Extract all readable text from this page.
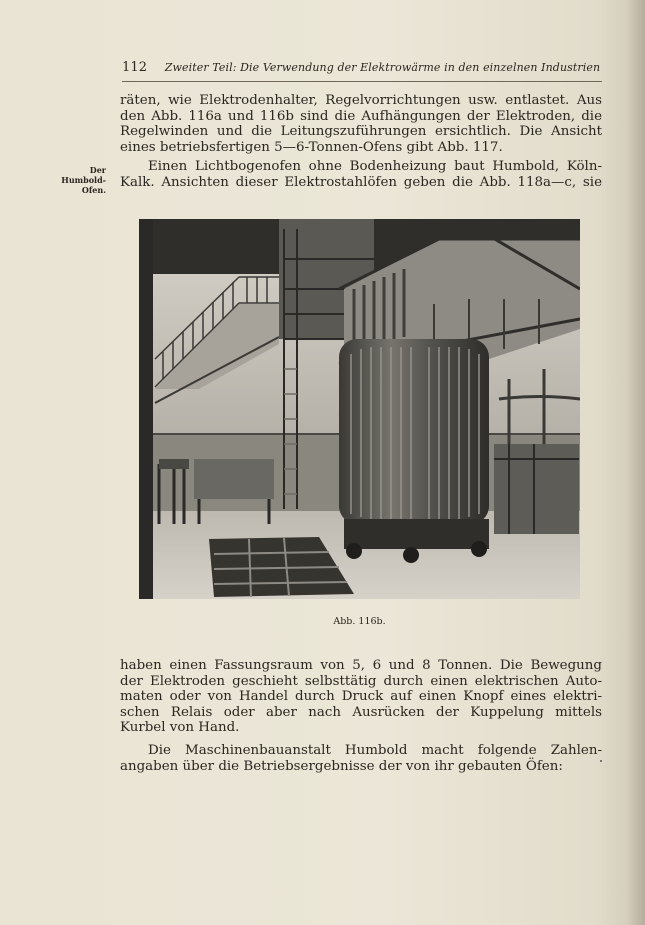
112 Zweiter Teil: Die Verwendung der Elektrowärme in den einzelnen Industrien
räten, wie Elektrodenhalter, Regelvorrichtungen usw. entlastet. Aus
den Abb. 116a und 116b sind die Aufhängungen der Elektroden, die
Regelwinden und die Leitungszuführungen ersichtlich. Die Ansicht
eines betriebsfertigen 5—6-Tonnen-Ofens gibt Abb. 117.
Der Humbold-
Ofen.
Einen Lichtbogenofen ohne Bodenheizung baut Humbold, Köln-
Kalk. Ansichten dieser Elektrostahlöfen geben die Abb. 118a—c, sie
Abb. 116b.
haben einen Fassungsraum von 5, 6 und 8 Tonnen. Die Bewegung
der Elektroden geschieht selbsttätig durch einen elektrischen Auto-
maten oder von Handel durch Druck auf einen Knopf eines elektri-
schen Relais oder aber nach Ausrücken der Kuppelung mittels
Kurbel von Hand.
Die Maschinenbauanstalt Humbold macht folgende Zahlen-
angaben über die Betriebsergebnisse der von ihr gebauten Öfen:
